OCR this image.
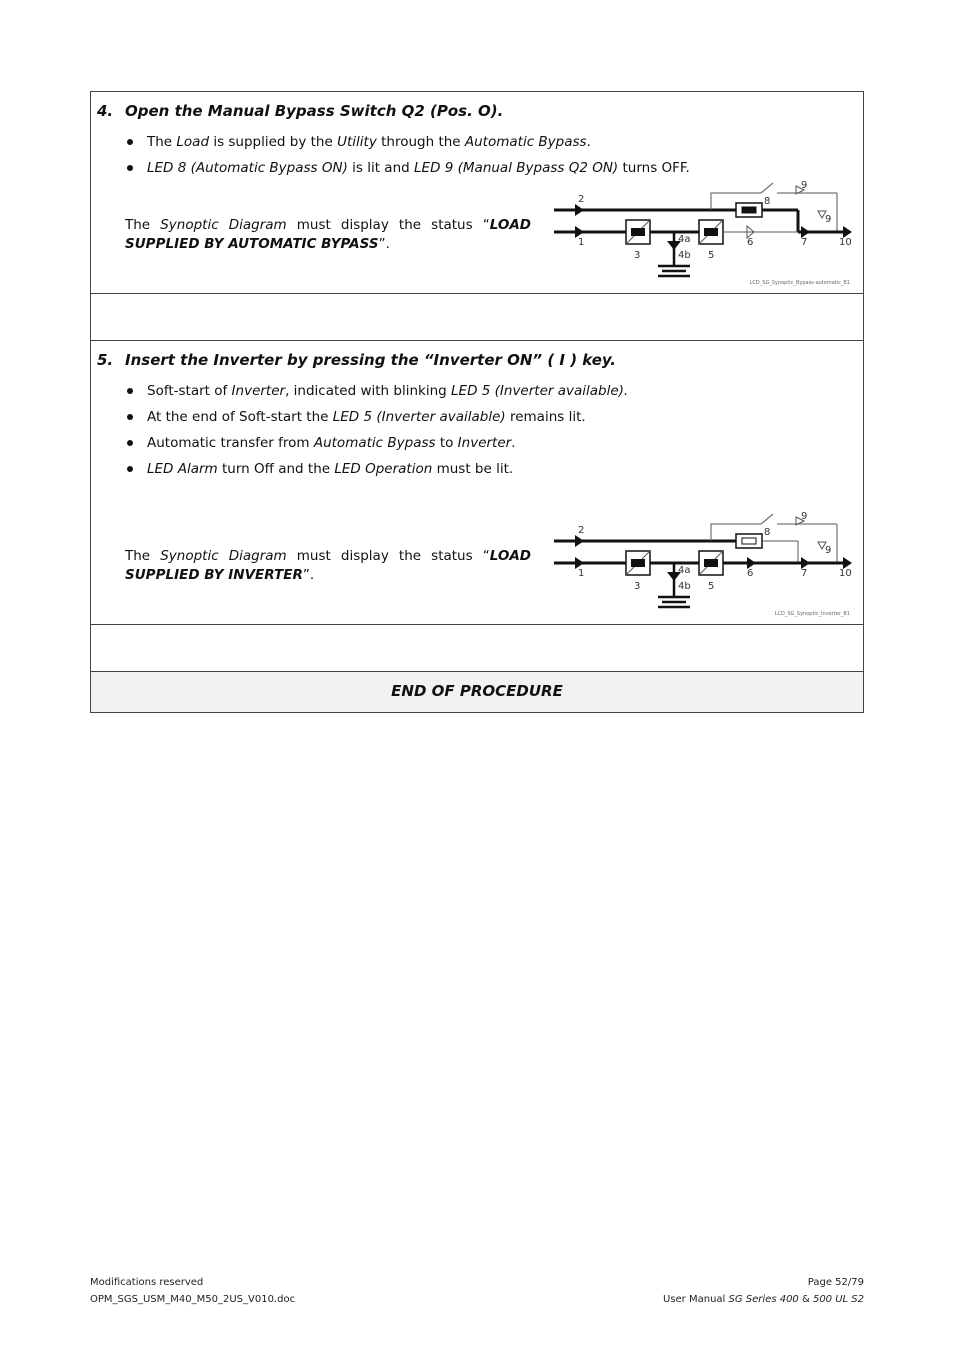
4. Open the Manual Bypass Switch Q2 (Pos. O).
The Load is supplied by the Utility through the Automatic Bypass.
LED 8 (Automatic Bypass ON) is lit and LED 9 (Manual Bypass Q2 ON) turns OFF.
The Synoptic Diagram must display the status “LOAD SUPPLIED BY AUTOMATIC BYPASS”.
2
1
3
4a
4b 5
6	7
8
9
9
10
LCD_SG_Synoptic_Bypass-automatic_B1
5. Insert the Inverter by pressing the “Inverter ON” ( I ) key.
Soft-start of Inverter, indicated with blinking LED 5 (Inverter available).
At the end of Soft-start the LED 5 (Inverter available) remains lit.
Automatic transfer from Automatic Bypass to Inverter.
LED Alarm turn Off and the LED Operation must be lit.
The Synoptic Diagram must display the status “LOAD SUPPLIED BY INVERTER”.
2
1
3
4a
4b 5
6	7
8
9
9
10
LCD_SG_Synoptic_Inverter_B1
END OF PROCEDURE
Modifications reserved
OPM_SGS_USM_M40_M50_2US_V010.doc
Page 52/79
User Manual SG Series 400 & 500 UL S2
